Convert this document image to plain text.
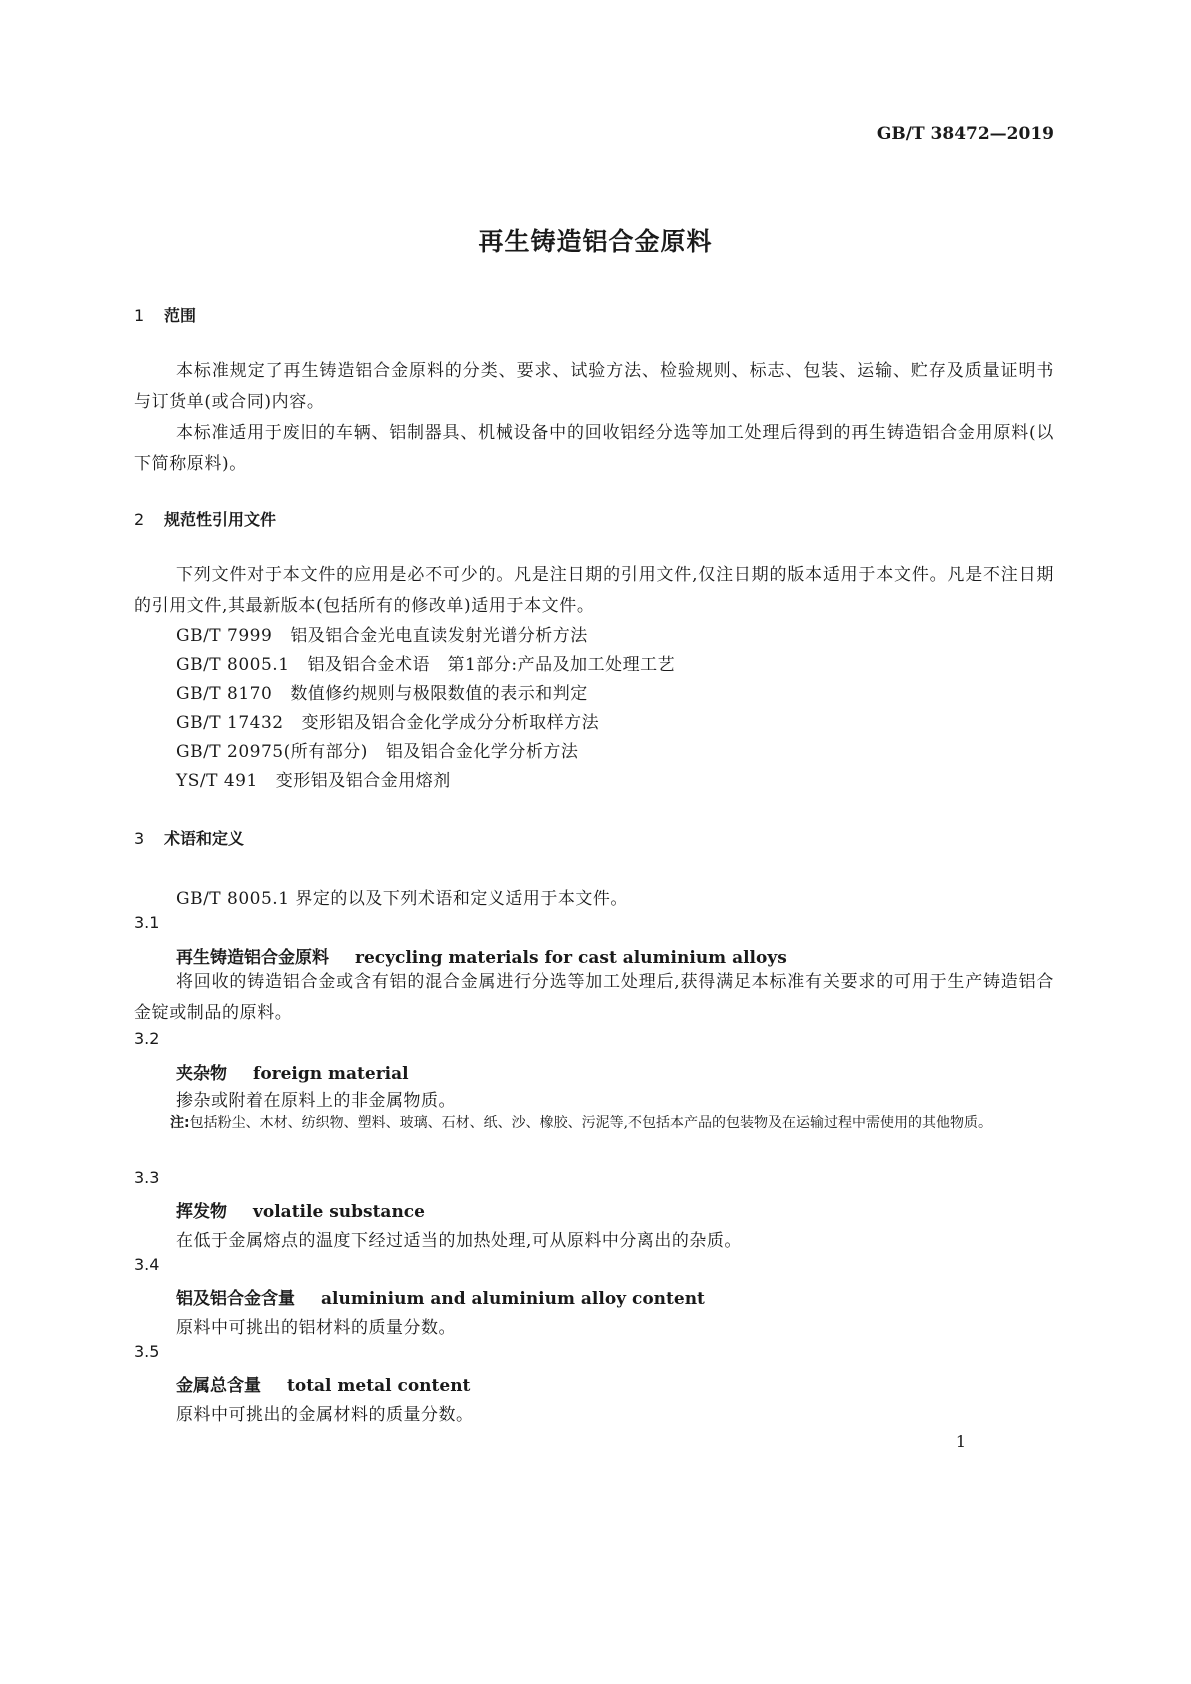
GB/T 38472—2019
再生铸造铝合金原料
1 范围
本标准规定了再生铸造铝合金原料的分类、要求、试验方法、检验规则、标志、包装、运输、贮存及质量证明书与订货单(或合同)内容。
本标准适用于废旧的车辆、铝制器具、机械设备中的回收铝经分选等加工处理后得到的再生铸造铝合金用原料(以下简称原料)。
2 规范性引用文件
下列文件对于本文件的应用是必不可少的。凡是注日期的引用文件,仅注日期的版本适用于本文件。凡是不注日期的引用文件,其最新版本(包括所有的修改单)适用于本文件。
GB/T 7999 铝及铝合金光电直读发射光谱分析方法
GB/T 8005.1 铝及铝合金术语　第1部分:产品及加工处理工艺
GB/T 8170 数值修约规则与极限数值的表示和判定
GB/T 17432 变形铝及铝合金化学成分分析取样方法
GB/T 20975(所有部分) 铝及铝合金化学分析方法
YS/T 491 变形铝及铝合金用熔剂
3 术语和定义
GB/T 8005.1 界定的以及下列术语和定义适用于本文件。
3.1
再生铸造铝合金原料 recycling materials for cast aluminium alloys
将回收的铸造铝合金或含有铝的混合金属进行分选等加工处理后,获得满足本标准有关要求的可用于生产铸造铝合金锭或制品的原料。
3.2
夹杂物 foreign material
掺杂或附着在原料上的非金属物质。
注:包括粉尘、木材、纺织物、塑料、玻璃、石材、纸、沙、橡胶、污泥等,不包括本产品的包装物及在运输过程中需使用的其他物质。
3.3
挥发物 volatile substance
在低于金属熔点的温度下经过适当的加热处理,可从原料中分离出的杂质。
3.4
铝及铝合金含量 aluminium and aluminium alloy content
原料中可挑出的铝材料的质量分数。
3.5
金属总含量 total metal content
原料中可挑出的金属材料的质量分数。
1
